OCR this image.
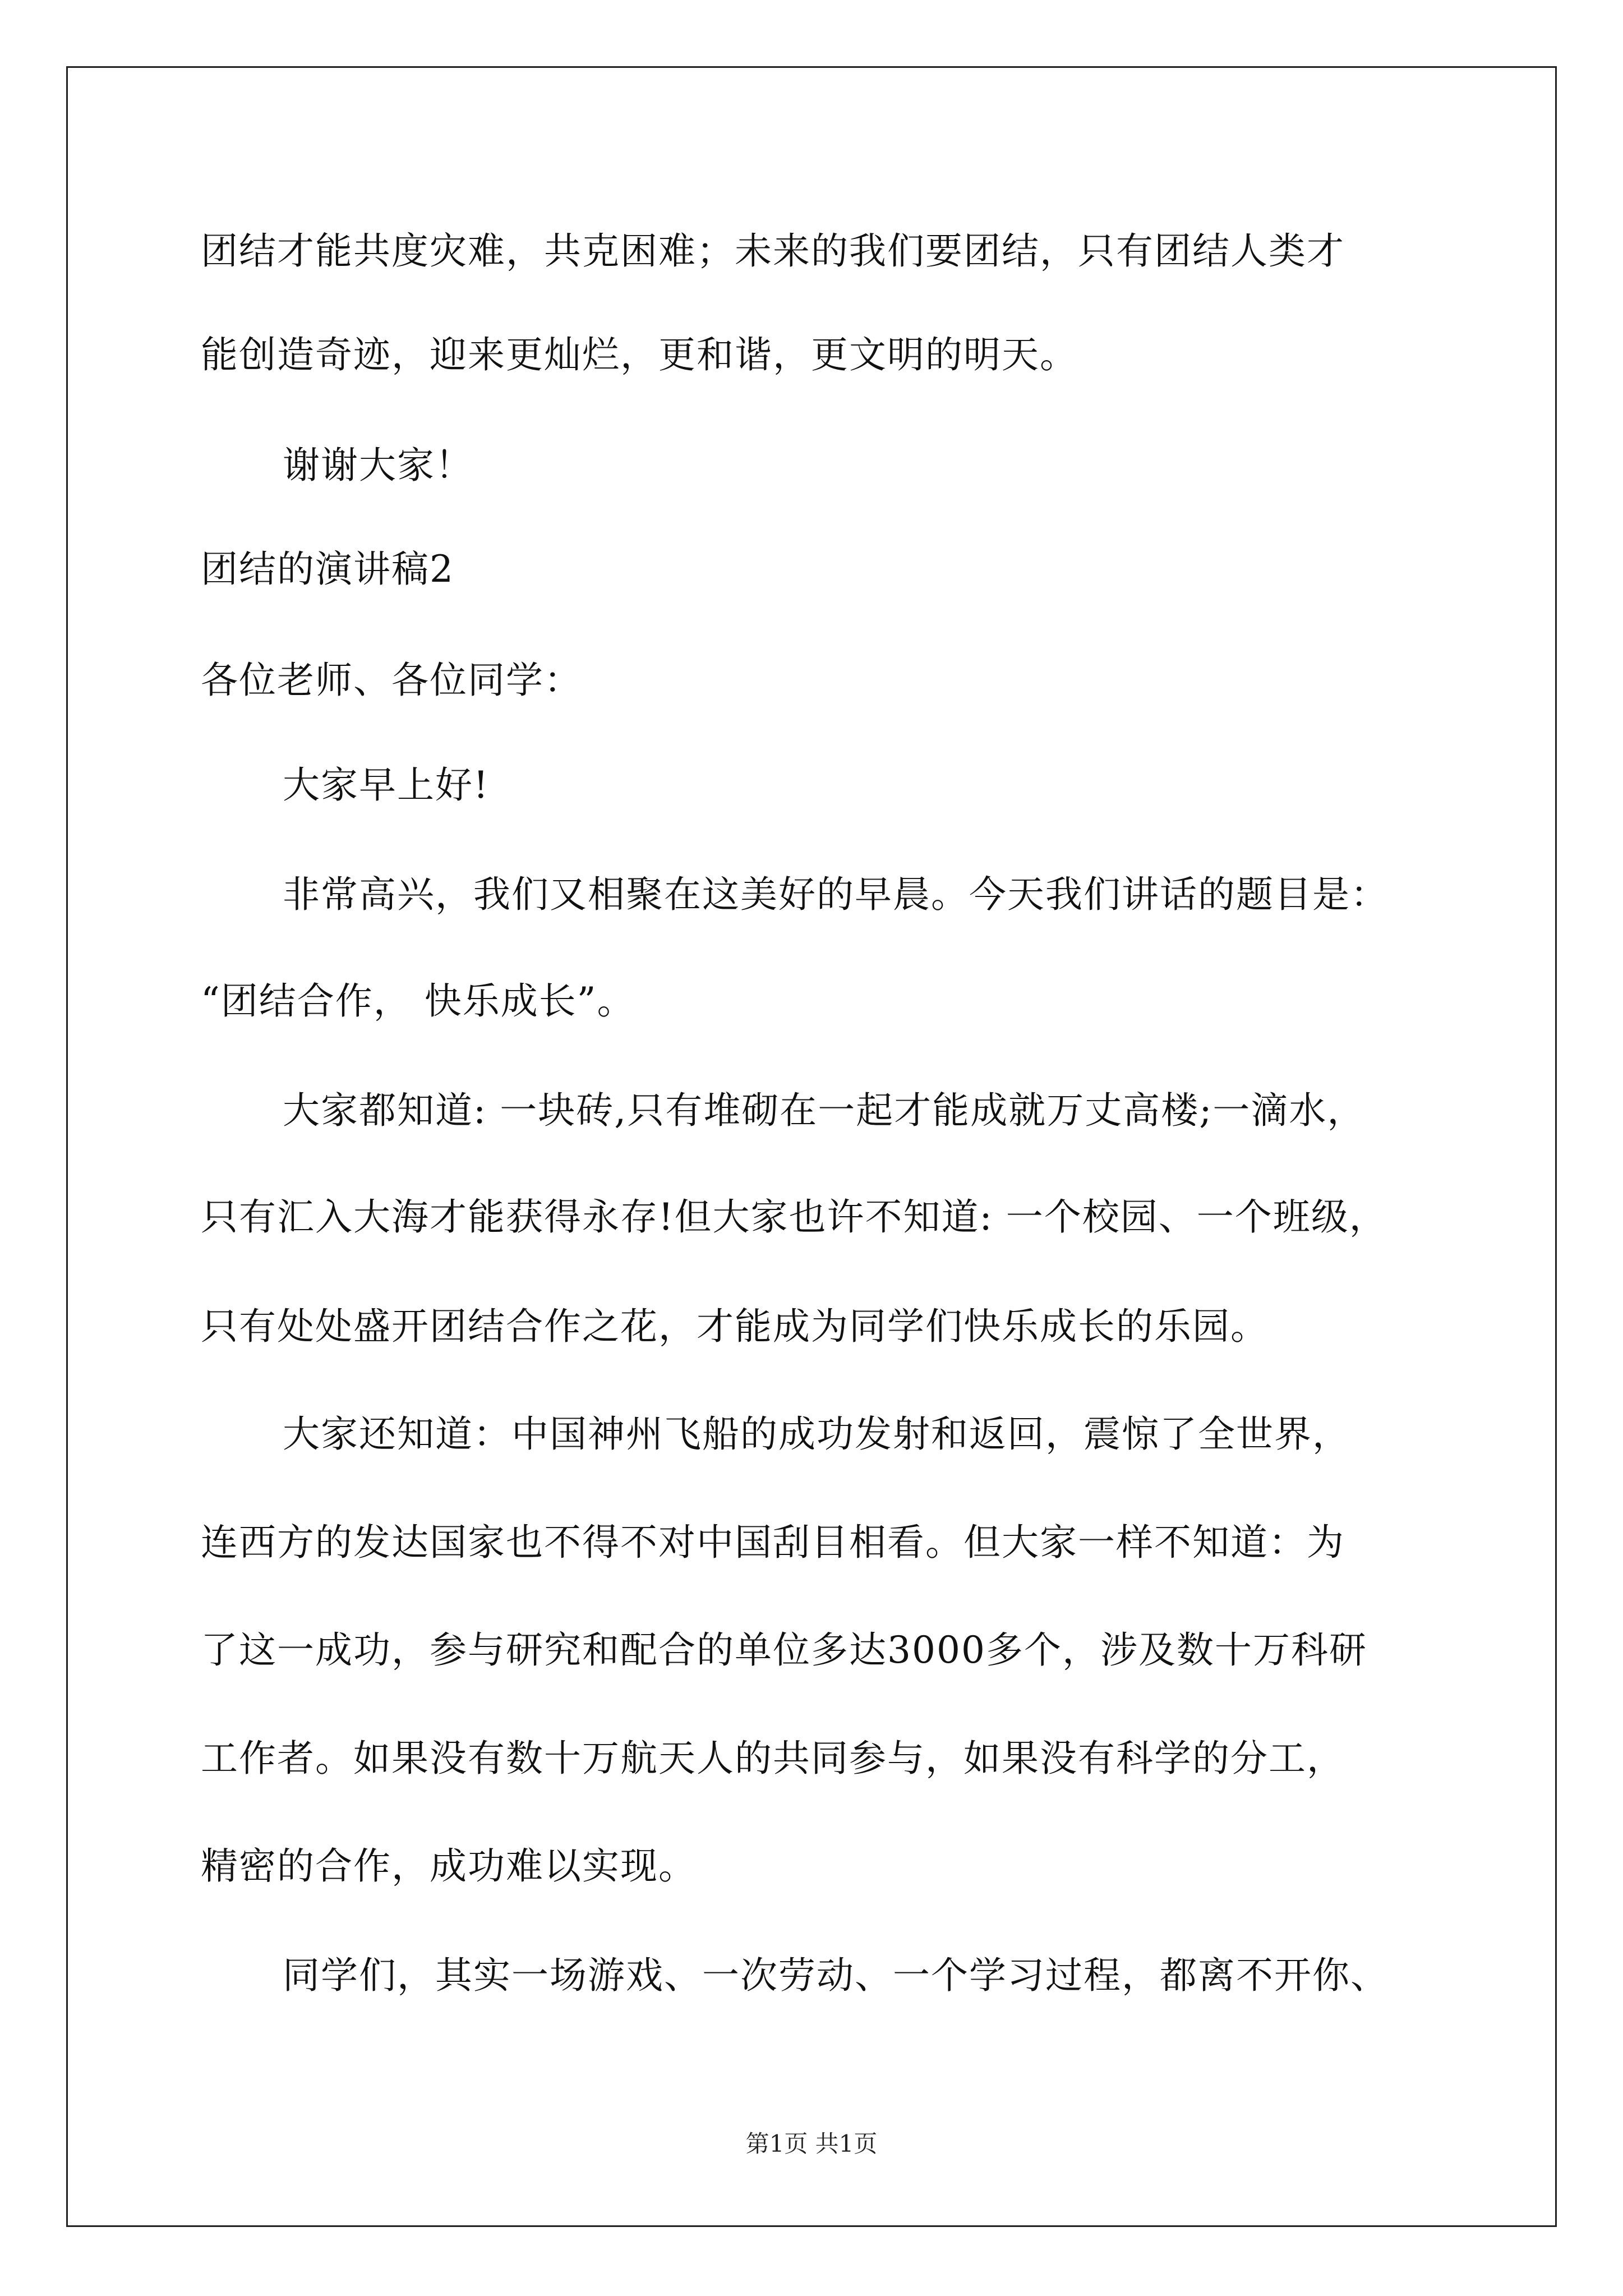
团结才能共度灾难，共克困难；未来的我们要团结，只有团结人类才
能创造奇迹，迎来更灿烂，更和谐，更文明的明天。
谢谢大家！
团结的演讲稿2
各位老师、各位同学：
大家早上好!
非常高兴，我们又相聚在这美好的早晨。今天我们讲话的题目是：
“团结合作， 快乐成长”。
大家都知道: 一块砖,只有堆砌在一起才能成就万丈高楼;一滴水，
只有汇入大海才能获得永存!但大家也许不知道: 一个校园、一个班级，
只有处处盛开团结合作之花，才能成为同学们快乐成长的乐园。
大家还知道：中国神州飞船的成功发射和返回，震惊了全世界，
连西方的发达国家也不得不对中国刮目相看。但大家一样不知道：为
了这一成功，参与研究和配合的单位多达3000多个，涉及数十万科研
工作者。如果没有数十万航天人的共同参与，如果没有科学的分工，
精密的合作，成功难以实现。
同学们，其实一场游戏、一次劳动、一个学习过程，都离不开你、
第1页 共1页
